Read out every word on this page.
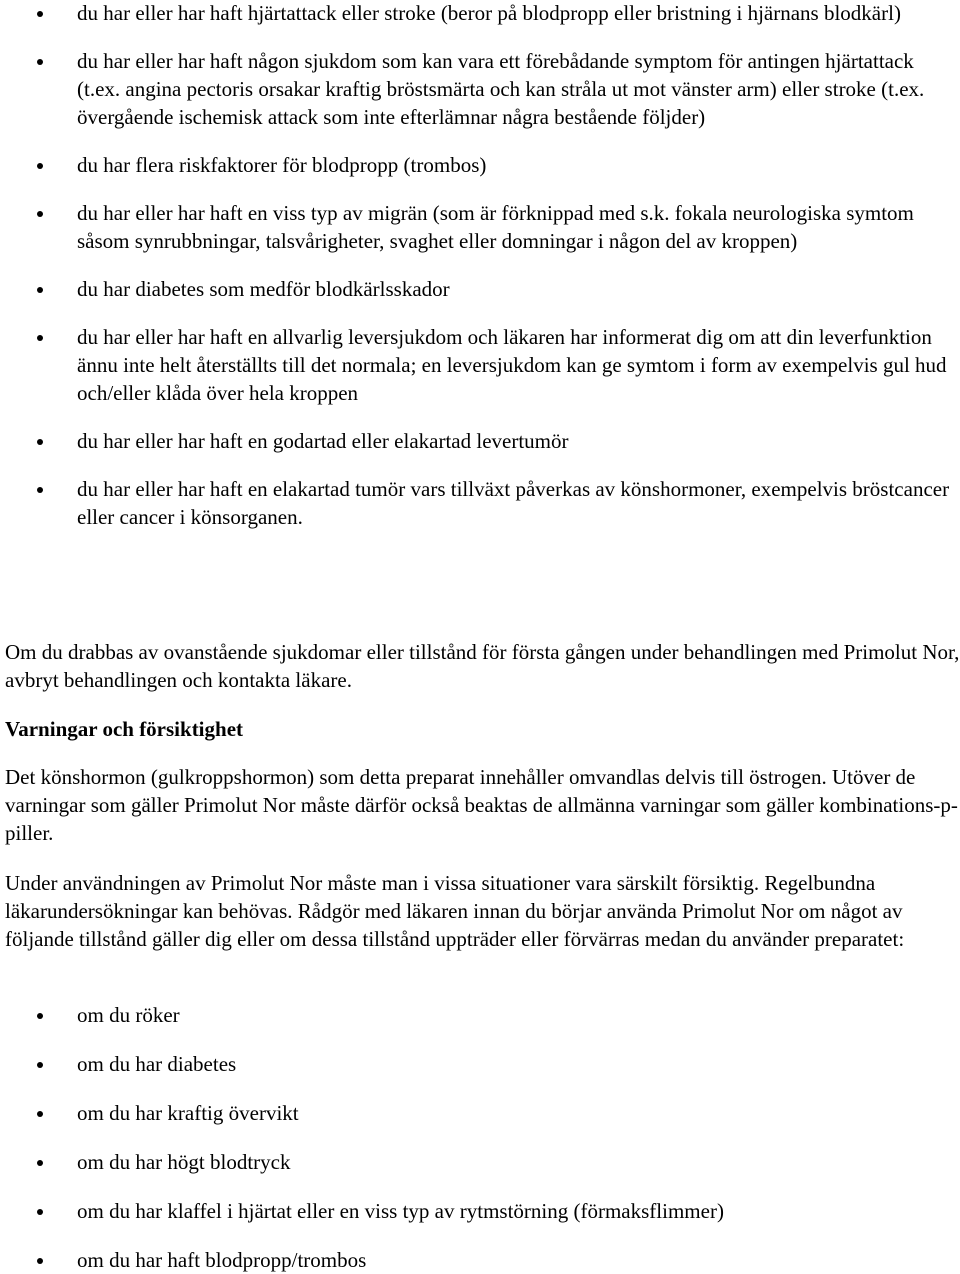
du har eller har haft hjärtattack eller stroke (beror på blodpropp eller bristning i hjärnans blodkärl)
du har eller har haft någon sjukdom som kan vara ett förebådande symptom för antingen hjärtattack (t.ex. angina pectoris orsakar kraftig bröstsmärta och kan stråla ut mot vänster arm) eller stroke (t.ex. övergående ischemisk attack som inte efterlämnar några bestående följder)
du har flera riskfaktorer för blodpropp (trombos)
du har eller har haft en viss typ av migrän (som är förknippad med s.k. fokala neurologiska symtom såsom synrubbningar, talsvårigheter, svaghet eller domningar i någon del av kroppen)
du har diabetes som medför blodkärlsskador
du har eller har haft en allvarlig leversjukdom och läkaren har informerat dig om att din leverfunktion ännu inte helt återställts till det normala; en leversjukdom kan ge symtom i form av exempelvis gul hud och/eller klåda över hela kroppen
du har eller har haft en godartad eller elakartad levertumör
du har eller har haft en elakartad tumör vars tillväxt påverkas av könshormoner, exempelvis bröstcancer eller cancer i könsorganen.

Om du drabbas av ovanstående sjukdomar eller tillstånd för första gången under behandlingen med Primolut Nor, avbryt behandlingen och kontakta läkare.

Varningar och försiktighet

Det könshormon (gulkroppshormon) som detta preparat innehåller omvandlas delvis till östrogen. Utöver de varningar som gäller Primolut Nor måste därför också beaktas de allmänna varningar som gäller kombinations-p-piller.

Under användningen av Primolut Nor måste man i vissa situationer vara särskilt försiktig. Regelbundna läkarundersökningar kan behövas. Rådgör med läkaren innan du börjar använda Primolut Nor om något av följande tillstånd gäller dig eller om dessa tillstånd uppträder eller förvärras medan du använder preparatet:

om du röker
om du har diabetes
om du har kraftig övervikt
om du har högt blodtryck
om du har klaffel i hjärtat eller en viss typ av rytmstörning (förmaksflimmer)
om du har haft blodpropp/trombos
